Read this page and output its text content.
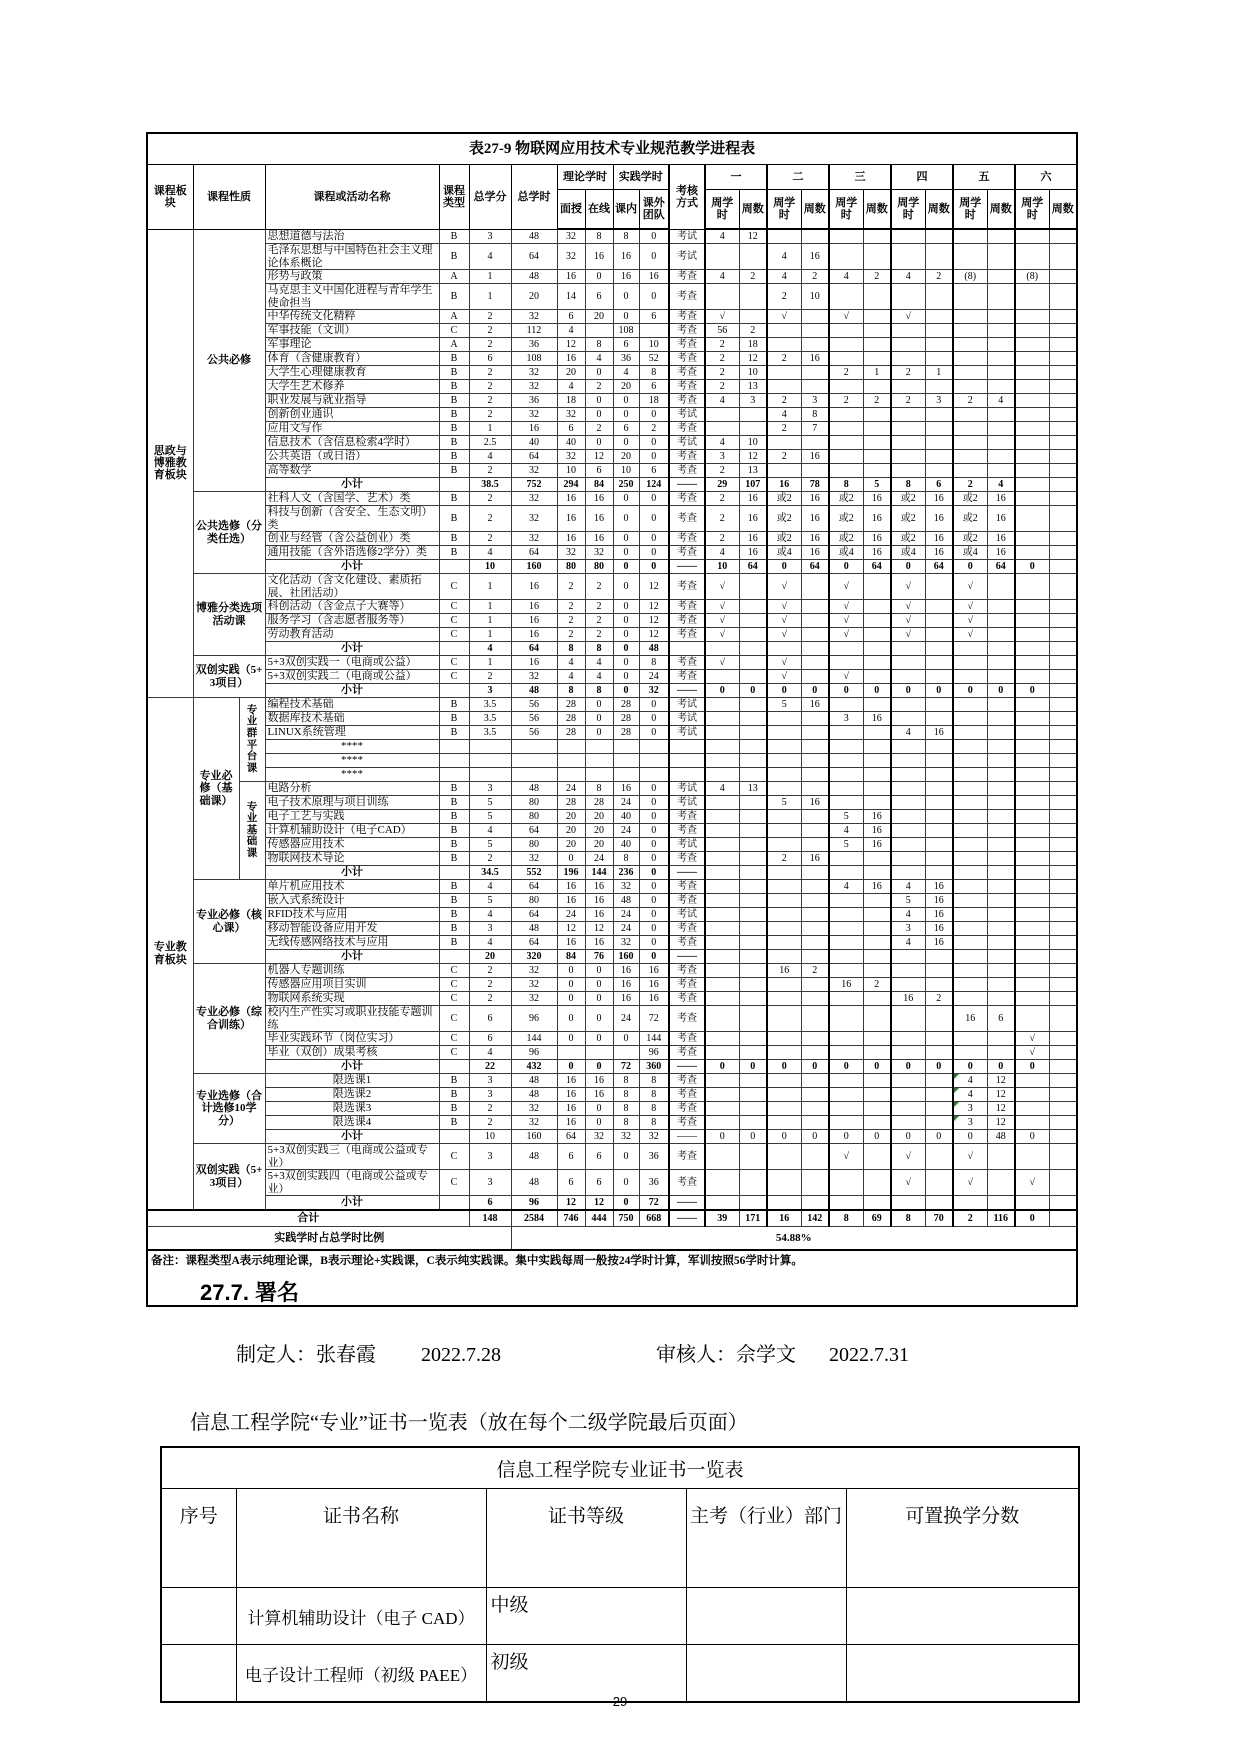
表27-9 物联网应用技术专业规范教学进程表																							
课程板块	课程性质		课程或活动名称	课程类型	总学分	总学时	理论学时		实践学时		考核方式	一		二		三		四		五		六	
							面授	在线	课内	课外团队		周学时	周数	周学时	周数	周学时	周数	周学时	周数	周学时	周数	周学时	周数
思政与博雅教育板块	公共必修		思想道德与法治	B	3	48	32	8	8	0	考试	4	12										
			毛泽东思想与中国特色社会主义理论体系概论	B	4	64	32	16	16	0	考试			4	16								
			形势与政策	A	1	48	16	0	16	16	考查	4	2	4	2	4	2	4	2	(8)		(8)	
			马克思主义中国化进程与青年学生使命担当	B	1	20	14	6	0	0	考查			2	10								
			中华传统文化精粹	A	2	32	6	20	0	6	考查	√		√		√		√					
			军事技能（文训）	C	2	112	4		108		考查	56	2										
			军事理论	A	2	36	12	8	6	10	考查	2	18										
			体育（含健康教育）	B	6	108	16	4	36	52	考查	2	12	2	16								
			大学生心理健康教育	B	2	32	20	0	4	8	考查	2	10			2	1	2	1				
			大学生艺术修养	B	2	32	4	2	20	6	考查	2	13										
			职业发展与就业指导	B	2	36	18	0	0	18	考查	4	3	2	3	2	2	2	3	2	4		
			创新创业通识	B	2	32	32	0	0	0	考试			4	8								
			应用文写作	B	1	16	6	2	6	2	考查			2	7								
			信息技术（含信息检索4学时）	B	2.5	40	40	0	0	0	考试	4	10										
			公共英语（或日语）	B	4	64	32	12	20	0	考查	3	12	2	16								
			高等数学	B	2	32	10	6	10	6	考查	2	13										
			小计		38.5	752	294	84	250	124	——	29	107	16	78	8	5	8	6	2	4		
	公共选修（分类任选）		社科人文（含国学、艺术）类	B	2	32	16	16	0	0	考查	2	16	或2	16	或2	16	或2	16	或2	16		
			科技与创新（含安全、生态文明）类	B	2	32	16	16	0	0	考查	2	16	或2	16	或2	16	或2	16	或2	16		
			创业与经管（含公益创业）类	B	2	32	16	16	0	0	考查	2	16	或2	16	或2	16	或2	16	或2	16		
			通用技能（含外语选修2学分）类	B	4	64	32	32	0	0	考查	4	16	或4	16	或4	16	或4	16	或4	16		
			小计		10	160	80	80	0	0	——	10	64	0	64	0	64	0	64	0	64	0	
	博雅分类选项活动课		文化活动（含文化建设、素质拓展、社团活动）	C	1	16	2	2	0	12	考查	√		√		√		√		√			
			科创活动（含金点子大赛等）	C	1	16	2	2	0	12	考查	√		√		√		√		√			
			服务学习（含志愿者服务等）	C	1	16	2	2	0	12	考查	√		√		√		√		√			
			劳动教育活动	C	1	16	2	2	0	12	考查	√		√		√		√		√			
			小计		4	64	8	8	0	48													
	双创实践（5+3项目）		5+3双创实践一（电商或公益）	C	1	16	4	4	0	8	考查	√		√									
			5+3双创实践二（电商或公益）	C	2	32	4	4	0	24	考查			√		√							
			小计		3	48	8	8	0	32	——	0	0	0	0	0	0	0	0	0	0	0	
专业教育板块	专业必修（基础课）	专业群平台课	编程技术基础	B	3.5	56	28	0	28	0	考试			5	16								
			数据库技术基础	B	3.5	56	28	0	28	0	考试					3	16						
			LINUX系统管理	B	3.5	56	28	0	28	0	考试							4	16				
			****																				
			****																				
			****																				
		专业基础课	电路分析	B	3	48	24	8	16	0	考试	4	13										
			电子技术原理与项目训练	B	5	80	28	28	24	0	考试			5	16								
			电子工艺与实践	B	5	80	20	20	40	0	考查					5	16						
			计算机辅助设计（电子CAD）	B	4	64	20	20	24	0	考查					4	16						
			传感器应用技术	B	5	80	20	20	40	0	考试					5	16						
			物联网技术导论	B	2	32	0	24	8	0	考查			2	16								
			小计		34.5	552	196	144	236	0	——												
	专业必修（核心课）		单片机应用技术	B	4	64	16	16	32	0	考查					4	16	4	16				
			嵌入式系统设计	B	5	80	16	16	48	0	考查							5	16				
			RFID技术与应用	B	4	64	24	16	24	0	考试							4	16				
			移动智能设备应用开发	B	3	48	12	12	24	0	考查							3	16				
			无线传感网络技术与应用	B	4	64	16	16	32	0	考查							4	16				
			小计		20	320	84	76	160	0	——												
	专业必修（综合训练）		机器人专题训练	C	2	32	0	0	16	16	考查			16	2								
			传感器应用项目实训	C	2	32	0	0	16	16	考查					16	2						
			物联网系统实现	C	2	32	0	0	16	16	考查							16	2				
			校内生产性实习或职业技能专题训练	C	6	96	0	0	24	72	考查									16	6		
			毕业实践环节（岗位实习）	C	6	144	0	0	0	144	考查											√	
			毕业（双创）成果考核	C	4	96				96	考查											√	
			小计		22	432	0	0	72	360	——	0	0	0	0	0	0	0	0	0	0	0	
	专业选修（合计选修10学分）		限选课1	B	3	48	16	16	8	8	考查									4	12		
			限选课2	B	3	48	16	16	8	8	考查									4	12		
			限选课3	B	2	32	16	0	8	8	考查									3	12		
			限选课4	B	2	32	16	0	8	8	考查									3	12		
			小计		10	160	64	32	32	32	——	0	0	0	0	0	0	0	0	0	48	0	
	双创实践（5+3项目）		5+3双创实践三（电商或公益或专业）	C	3	48	6	6	0	36	考查					√		√		√			
			5+3双创实践四（电商或公益或专业）	C	3	48	6	6	0	36	考查							√		√		√	
			小计		6	96	12	12	0	72	——												
合计					148	2584	746	444	750	668	——	39	171	16	142	8	69	8	70	2	116	0	
实践学时占总学时比例						54.88%																	
备注：课程类型A表示纯理论课，B表示理论+实践课，C表示纯实践课。集中实践每周一般按24学时计算，军训按照56学时计算。																							
27.7. 署名
制定人：张春霞 2022.7.28	审核人：佘学文 2022.7.31
信息工程学院“专业”证书一览表（放在每个二级学院最后页面）
信息工程学院专业证书一览表				
序号	证书名称	证书等级	主考（行业）部门	可置换学分数
	计算机辅助设计（电子 CAD）	中级		
	电子设计工程师（初级 PAEE）	初级		
29
